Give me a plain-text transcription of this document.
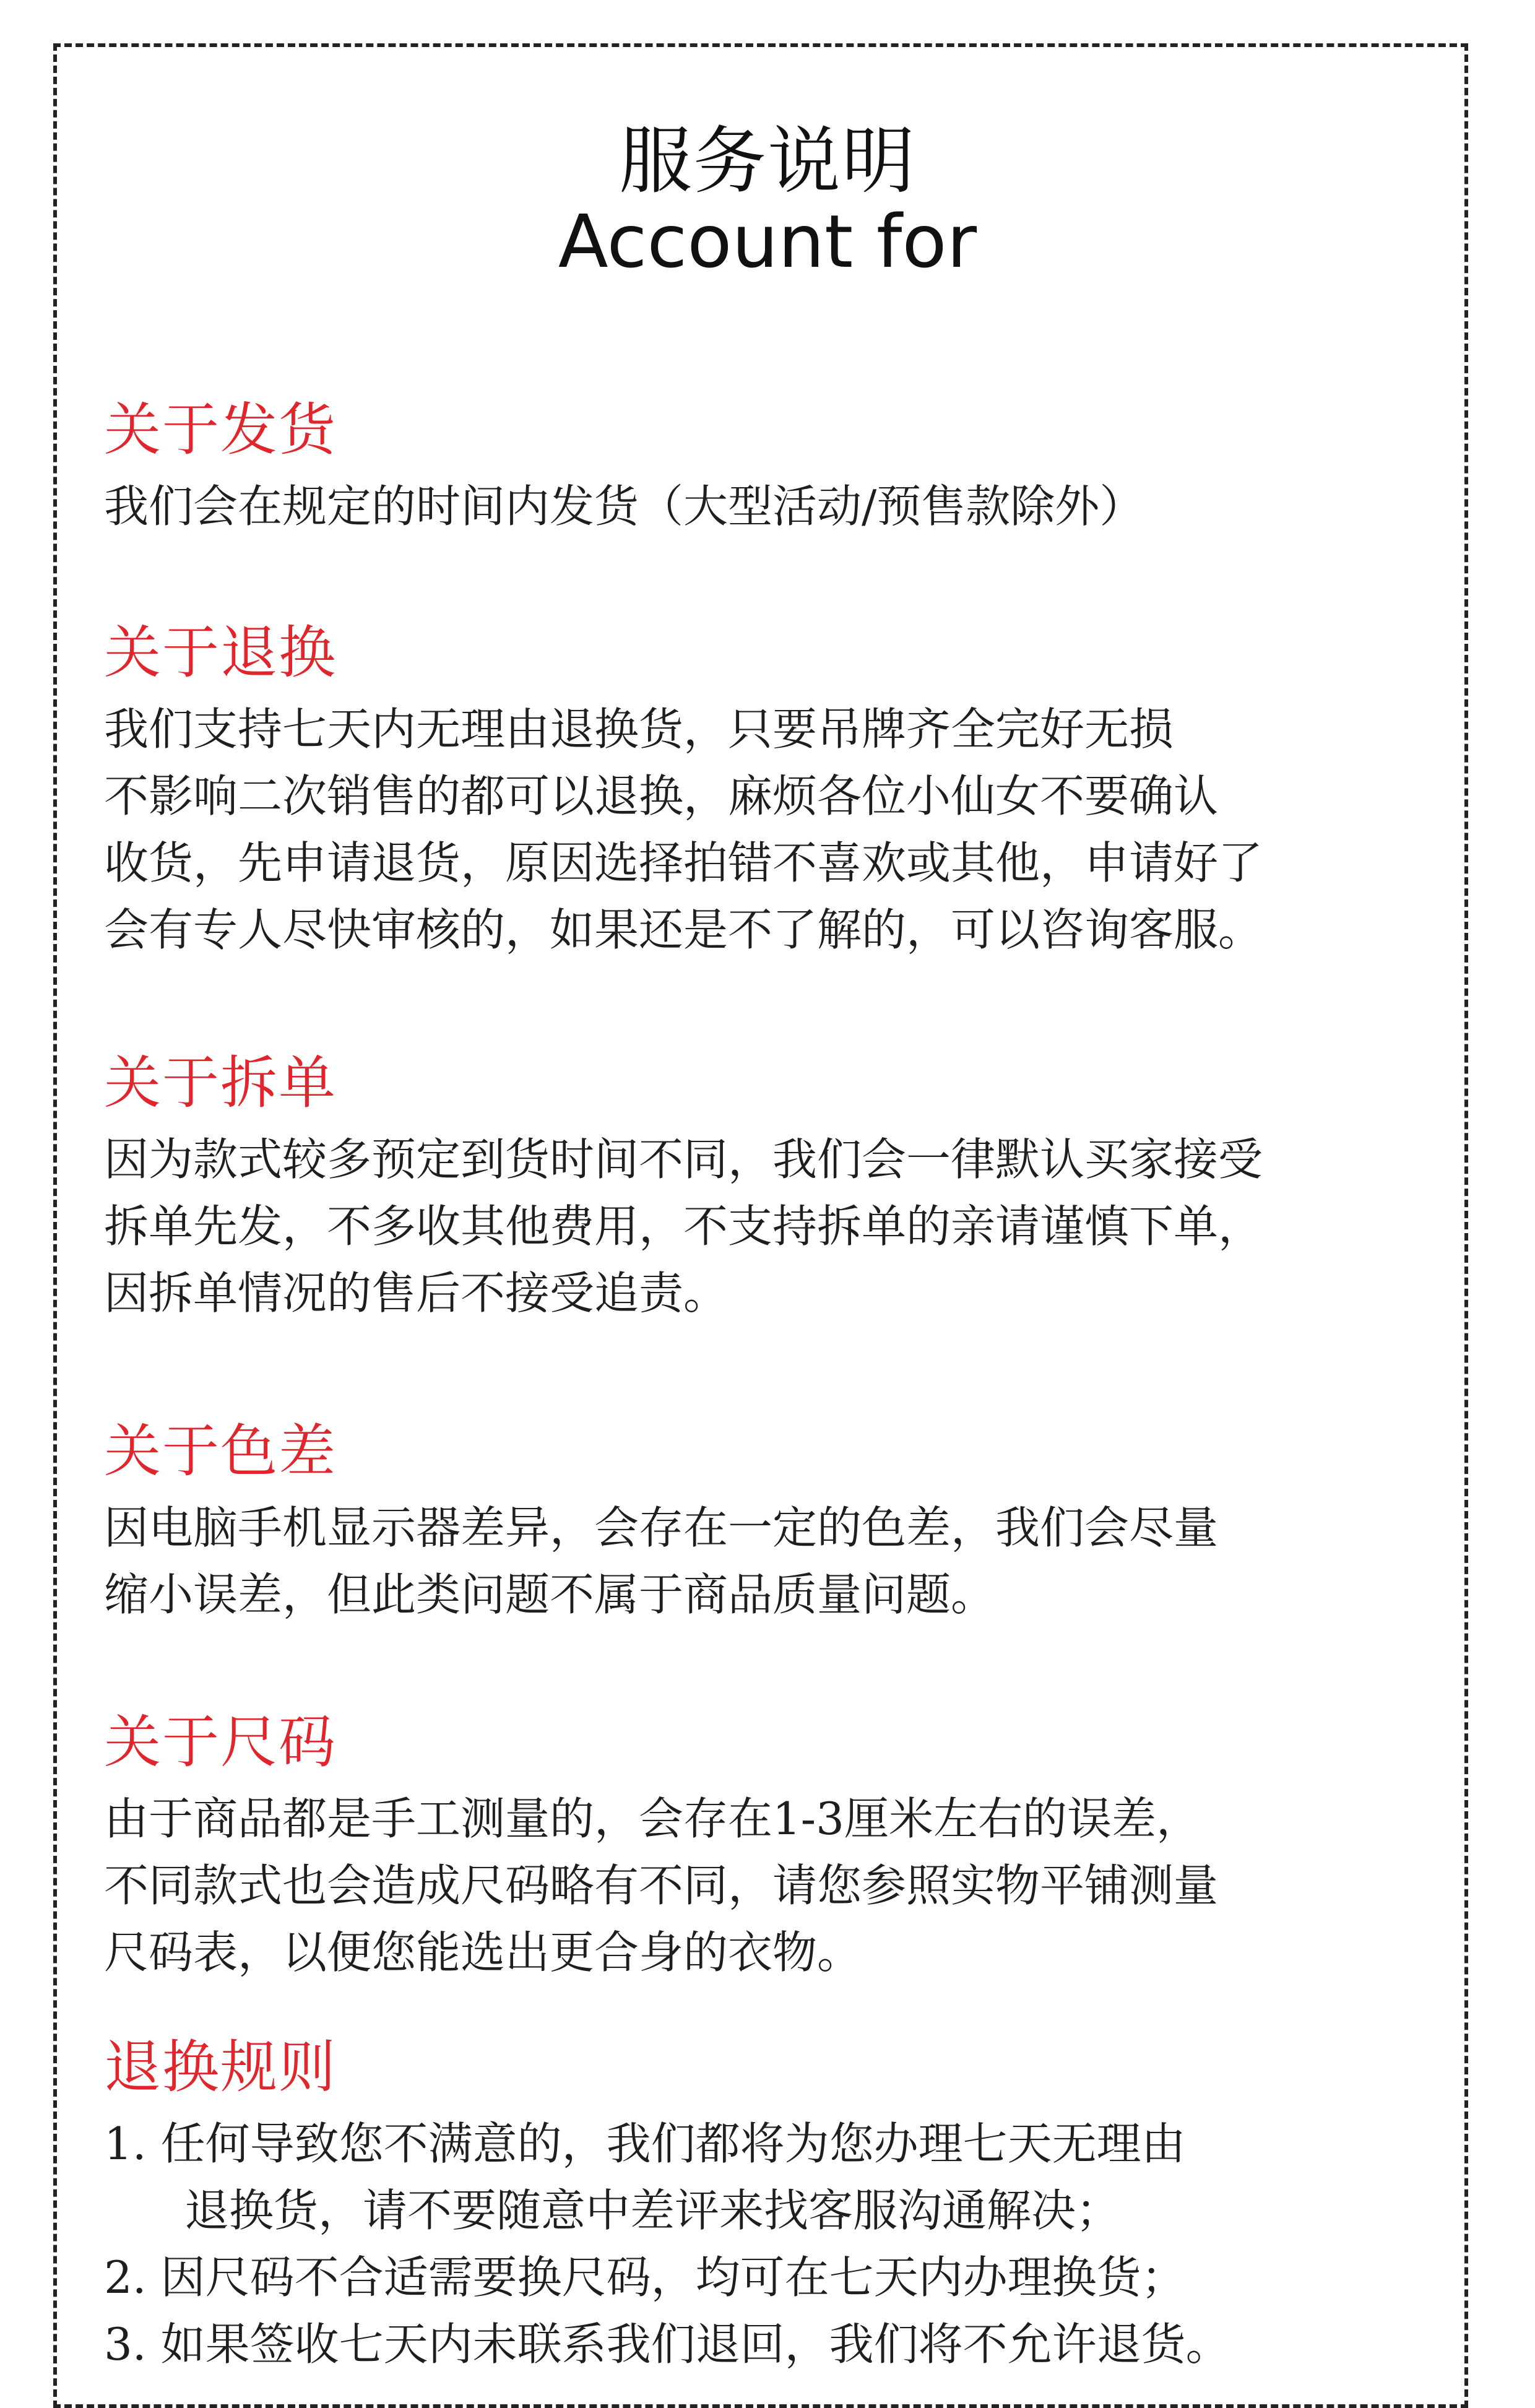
服务说明
Account for
关于发货
我们会在规定的时间内发货（大型活动/预售款除外）
关于退换
我们支持七天内无理由退换货，只要吊牌齐全完好无损
不影响二次销售的都可以退换，麻烦各位小仙女不要确认
收货，先申请退货，原因选择拍错不喜欢或其他，申请好了
会有专人尽快审核的，如果还是不了解的，可以咨询客服。
关于拆单
因为款式较多预定到货时间不同，我们会一律默认买家接受
拆单先发，不多收其他费用，不支持拆单的亲请谨慎下单，
因拆单情况的售后不接受追责。
关于色差
因电脑手机显示器差异，会存在一定的色差，我们会尽量
缩小误差，但此类问题不属于商品质量问题。
关于尺码
由于商品都是手工测量的，会存在1-3厘米左右的误差，
不同款式也会造成尺码略有不同，请您参照实物平铺测量
尺码表，以便您能选出更合身的衣物。
退换规则
1. 任何导致您不满意的，我们都将为您办理七天无理由
退换货，请不要随意中差评来找客服沟通解决；
2. 因尺码不合适需要换尺码，均可在七天内办理换货；
3. 如果签收七天内未联系我们退回，我们将不允许退货。
